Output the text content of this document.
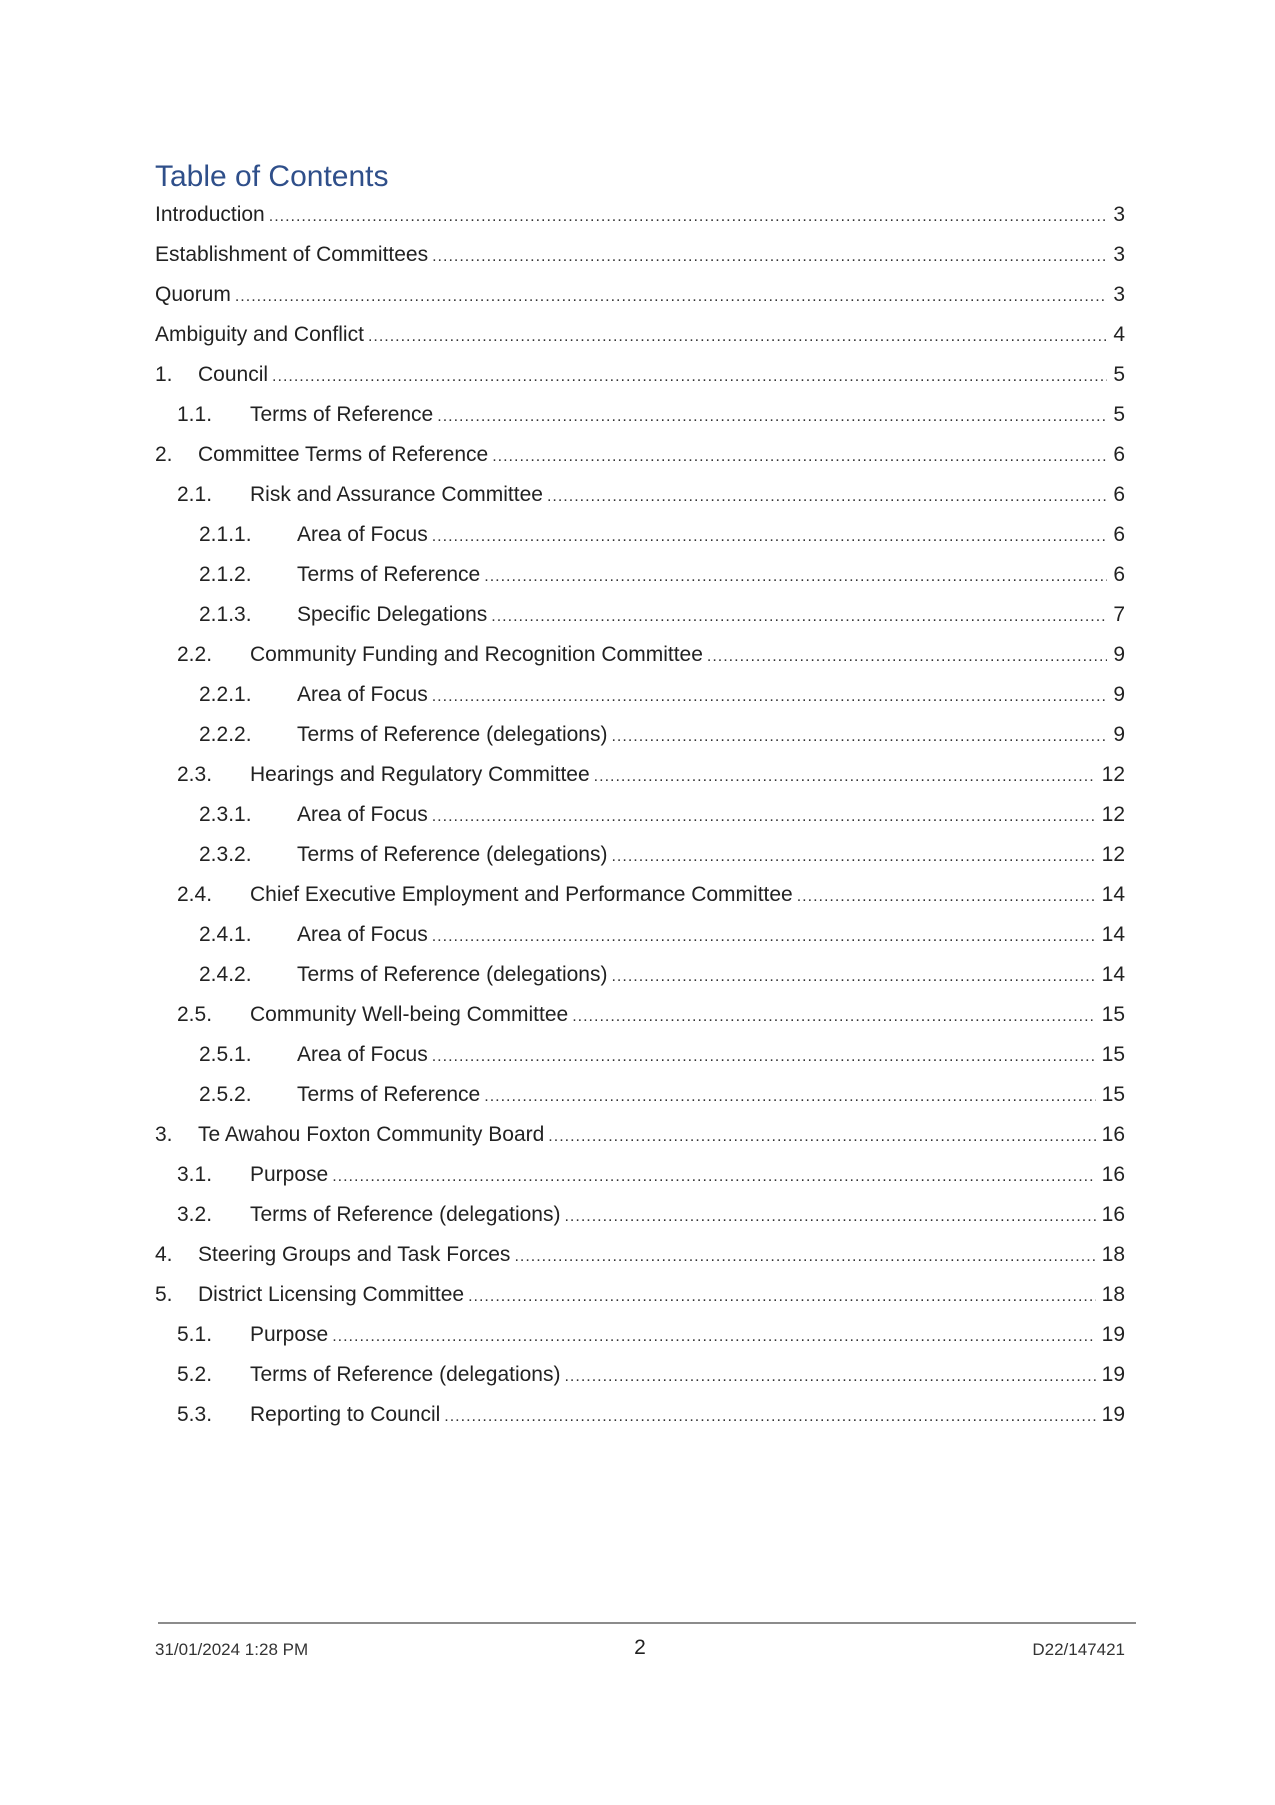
Table of Contents
Introduction .....	3
Establishment of Committees .....	3
Quorum .....	3
Ambiguity and Conflict .....	4
1.	Council .....	5
1.1.	Terms of Reference .....	5
2.	Committee Terms of Reference .....	6
2.1.	Risk and Assurance Committee .....	6
2.1.1.	Area of Focus .....	6
2.1.2.	Terms of Reference .....	6
2.1.3.	Specific Delegations .....	7
2.2.	Community Funding and Recognition Committee .....	9
2.2.1.	Area of Focus .....	9
2.2.2.	Terms of Reference (delegations) .....	9
2.3.	Hearings and Regulatory Committee .....	12
2.3.1.	Area of Focus .....	12
2.3.2.	Terms of Reference (delegations) .....	12
2.4.	Chief Executive Employment and Performance Committee .....	14
2.4.1.	Area of Focus .....	14
2.4.2.	Terms of Reference (delegations) .....	14
2.5.	Community Well-being Committee .....	15
2.5.1.	Area of Focus .....	15
2.5.2.	Terms of Reference .....	15
3.	Te Awahou Foxton Community Board .....	16
3.1.	Purpose .....	16
3.2.	Terms of Reference (delegations) .....	16
4.	Steering Groups and Task Forces .....	18
5.	District Licensing Committee .....	18
5.1.	Purpose .....	19
5.2.	Terms of Reference (delegations) .....	19
5.3.	Reporting to Council .....	19
31/01/2024 1:28 PM	2	D22/147421
